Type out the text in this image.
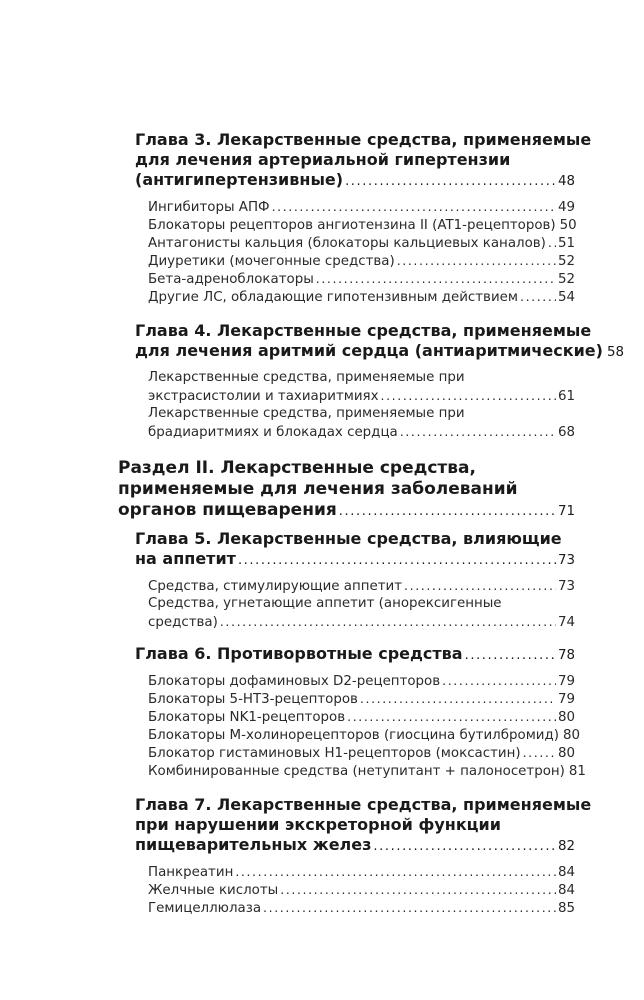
Глава 3. Лекарственные средства, применяемые
для лечения артериальной гипертензии
(антигипертензивные) .....	48
Ингибиторы АПФ .....	49
Блокаторы рецепторов ангиотензина II (AT1-рецепторов) 50
Антагонисты кальция (блокаторы кальциевых каналов) ..... 51
Диуретики (мочегонные средства) .....	52
Бета-адреноблокаторы .....	52
Другие ЛС, обладающие гипотензивным действием .....	54
Глава 4. Лекарственные средства, применяемые
для лечения аритмий сердца (антиаритмические) 58
Лекарственные средства, применяемые при
экстрасистолии и тахиаритмиях .....	61
Лекарственные средства, применяемые при
брадиаритмиях и блокадах сердца .....	68
Раздел II. Лекарственные средства,
применяемые для лечения заболеваний
органов пищеварения .....	71
Глава 5. Лекарственные средства, влияющие
на аппетит .....	73
Средства, стимулирующие аппетит .....	73
Средства, угнетающие аппетит (анорексигенные
средства) .....	74
Глава 6. Противорвотные средства .....	78
Блокаторы дофаминовых D2-рецепторов .....	79
Блокаторы 5-HT3-рецепторов .....	79
Блокаторы NK1-рецепторов .....	80
Блокаторы М-холинорецепторов (гиосцина бутилбромид) 80
Блокатор гистаминовых Н1-рецепторов (моксастин) .....	80
Комбинированные средства (нетупитант + палоносетрон) 81
Глава 7. Лекарственные средства, применяемые
при нарушении экскреторной функции
пищеварительных желез .....	82
Панкреатин .....	84
Желчные кислоты .....	84
Гемицеллюлаза .....	85
